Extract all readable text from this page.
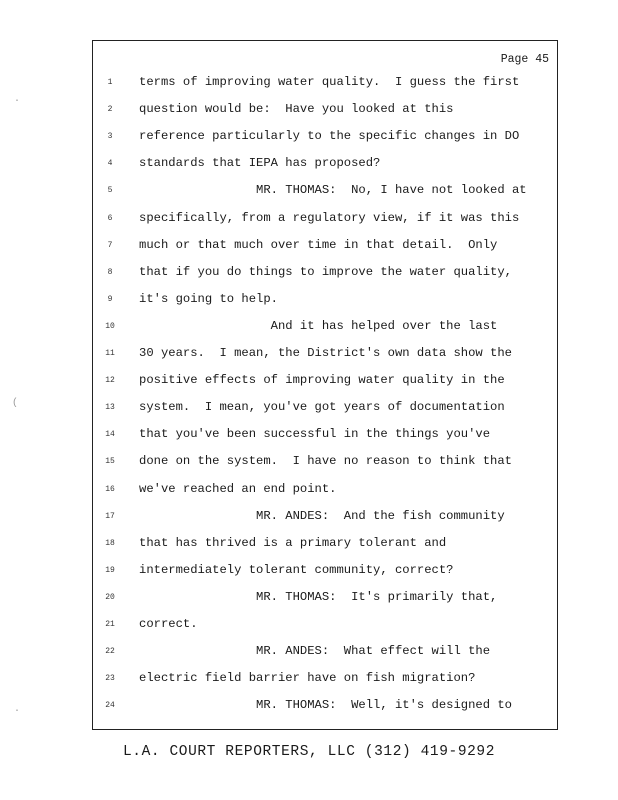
Page 45
1	terms of improving water quality.  I guess the first
2	question would be:  Have you looked at this
3	reference particularly to the specific changes in DO
4	standards that IEPA has proposed?
5	MR. THOMAS:  No, I have not looked at
6	specifically, from a regulatory view, if it was this
7	much or that much over time in that detail.  Only
8	that if you do things to improve the water quality,
9	it's going to help.
10	And it has helped over the last
11	30 years.  I mean, the District's own data show the
12	positive effects of improving water quality in the
13	system.  I mean, you've got years of documentation
14	that you've been successful in the things you've
15	done on the system.  I have no reason to think that
16	we've reached an end point.
17	MR. ANDES:  And the fish community
18	that has thrived is a primary tolerant and
19	intermediately tolerant community, correct?
20	MR. THOMAS:  It's primarily that,
21	correct.
22	MR. ANDES:  What effect will the
23	electric field barrier have on fish migration?
24	MR. THOMAS:  Well, it's designed to
L.A. COURT REPORTERS, LLC (312) 419-9292
·
(
·
